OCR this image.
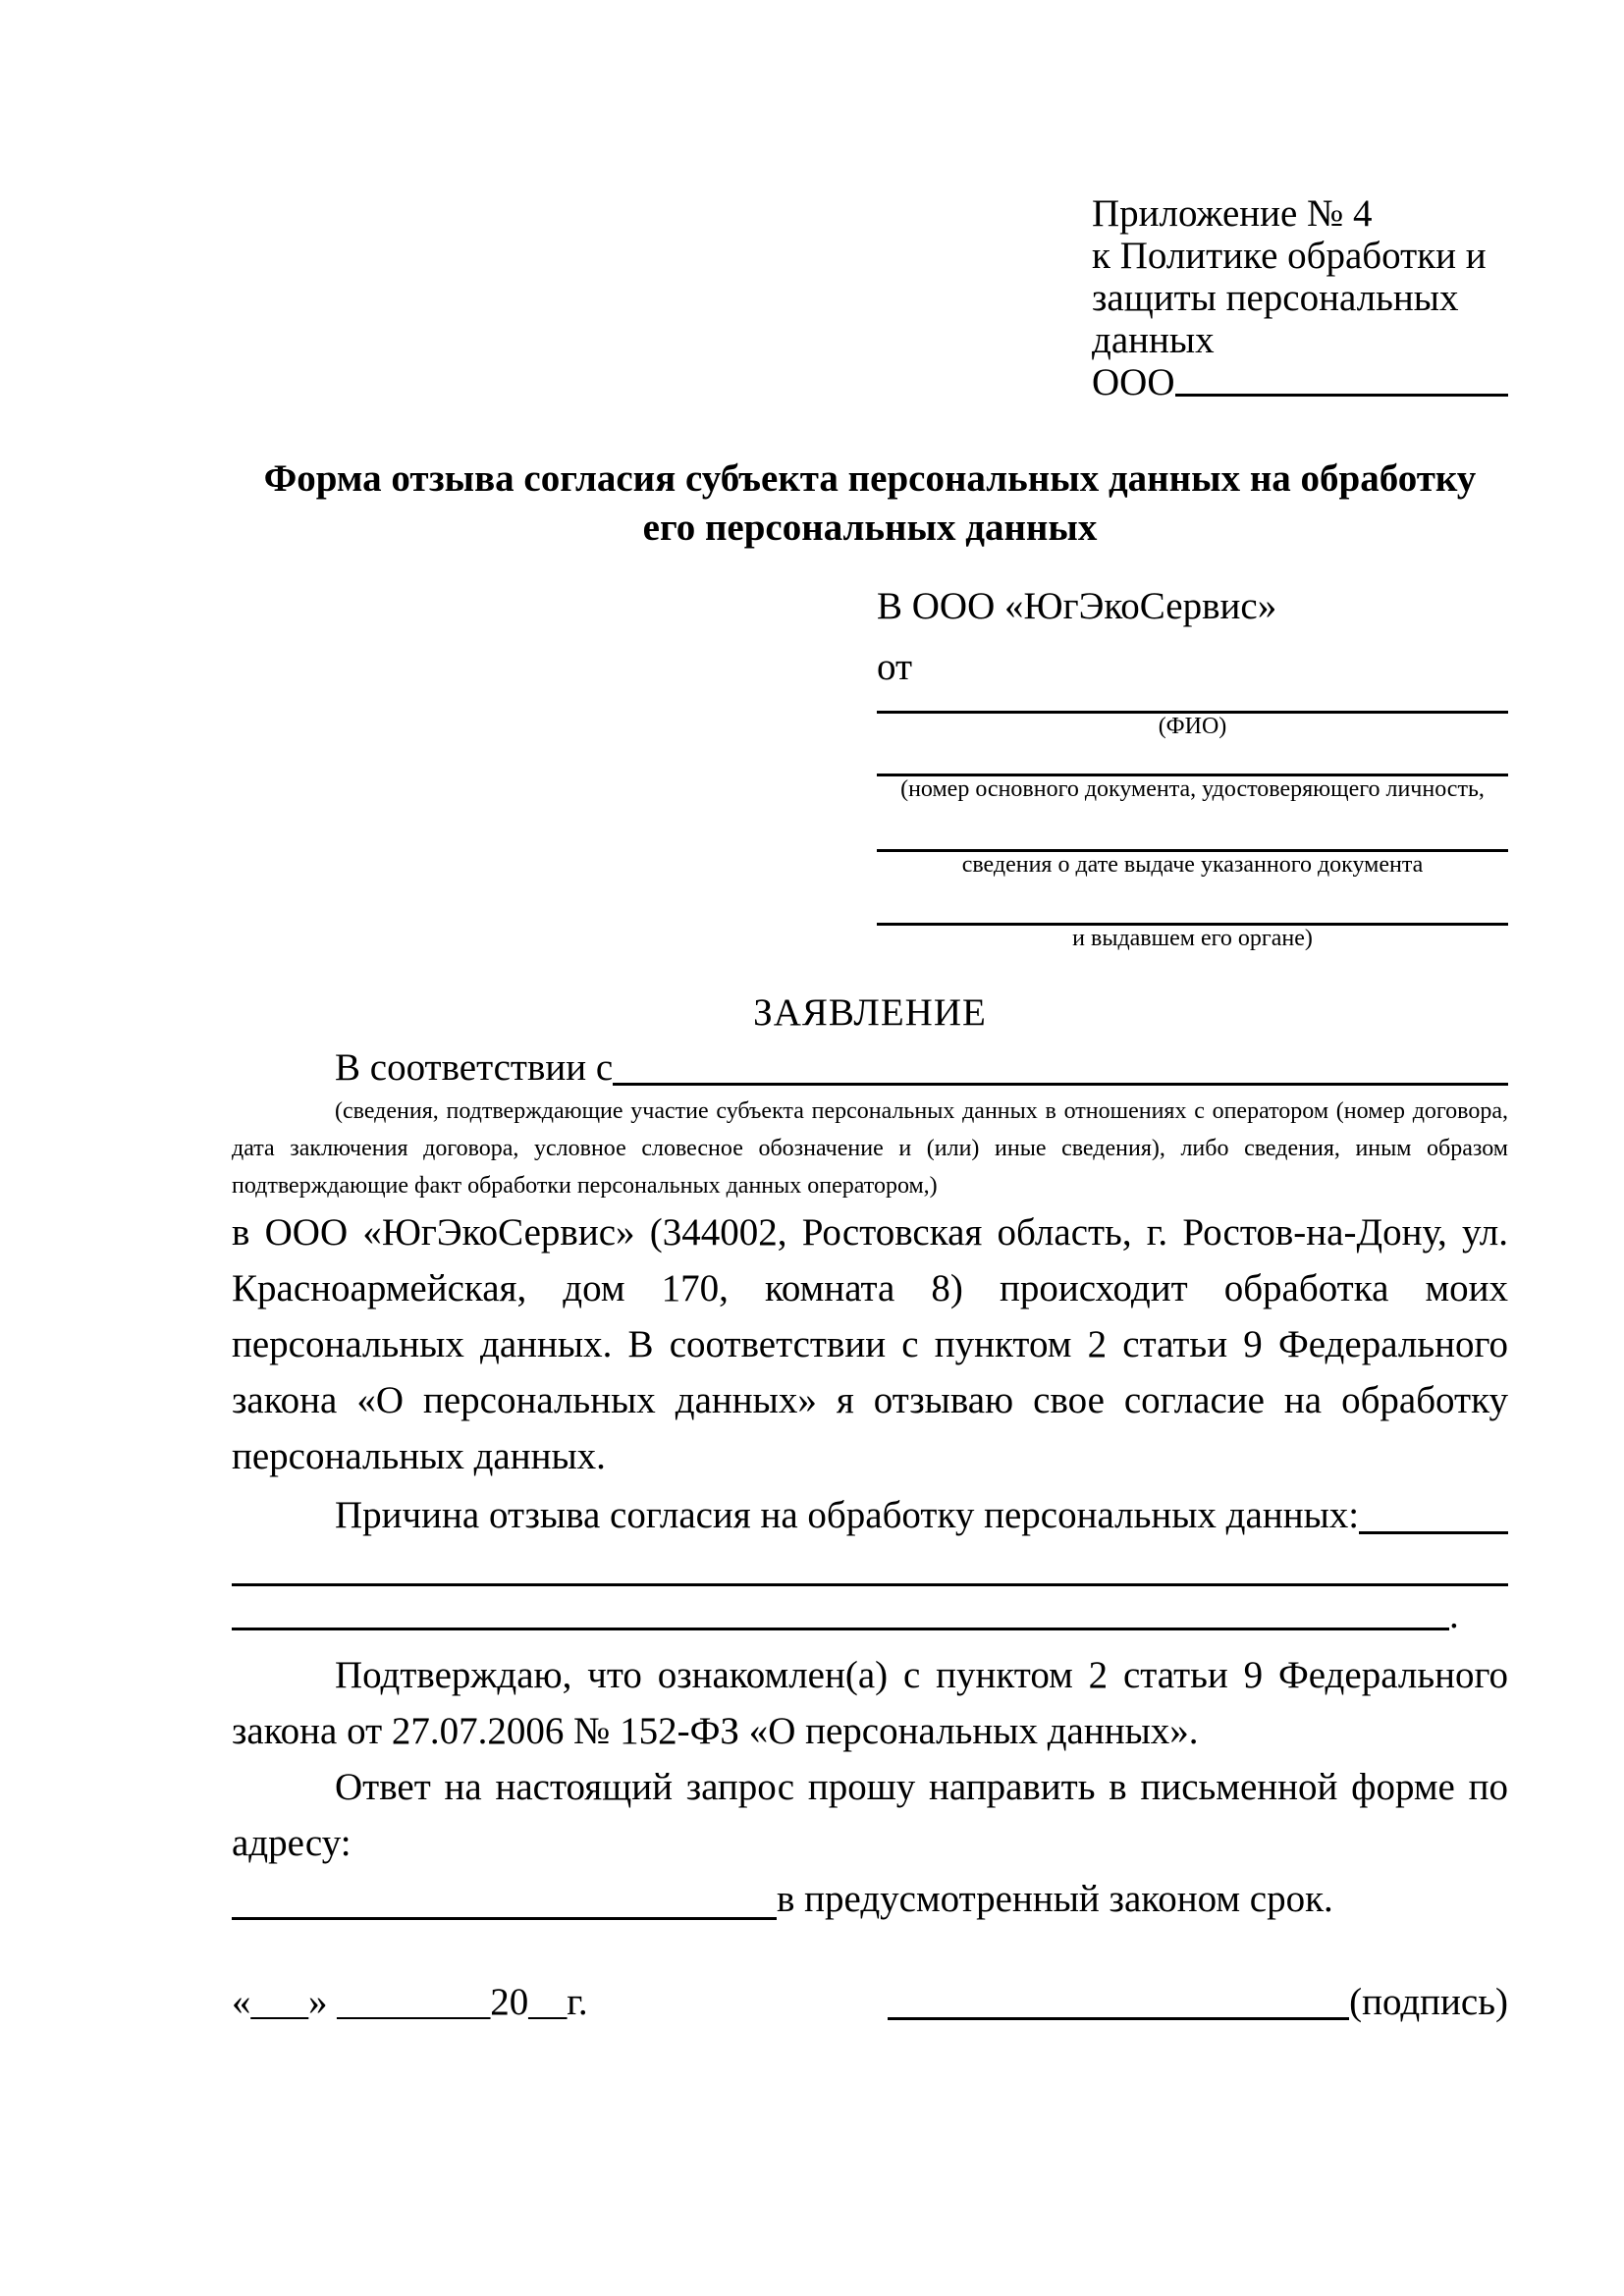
Приложение № 4
к Политике обработки и
защиты персональных данных
ООО
Форма отзыва согласия субъекта персональных данных на обработку
его персональных данных
В ООО «ЮгЭкоСервис»
от
(ФИО)
(номер основного документа, удостоверяющего личность,
сведения о дате выдаче указанного документа
и выдавшем его органе)
ЗАЯВЛЕНИЕ
В соответствии с
(сведения, подтверждающие участие субъекта персональных данных в отношениях с оператором (номер договора, дата заключения договора, условное словесное обозначение и (или) иные сведения), либо сведения, иным образом подтверждающие факт обработки персональных данных оператором,)
в ООО «ЮгЭкоСервис» (344002, Ростовская область, г. Ростов-на-Дону, ул. Красноармейская, дом 170, комната 8) происходит обработка моих персональных данных. В соответствии с пунктом 2 статьи 9 Федерального закона «О персональных данных» я отзываю свое согласие на обработку персональных данных.
Причина отзыва согласия на обработку персональных данных:
.
Подтверждаю, что ознакомлен(а) с пунктом 2 статьи 9 Федерального закона от 27.07.2006 № 152-ФЗ «О персональных данных».
Ответ на настоящий запрос прошу направить в письменной форме по адресу:
в предусмотренный законом срок.
«___» ________20__г.	(подпись)
